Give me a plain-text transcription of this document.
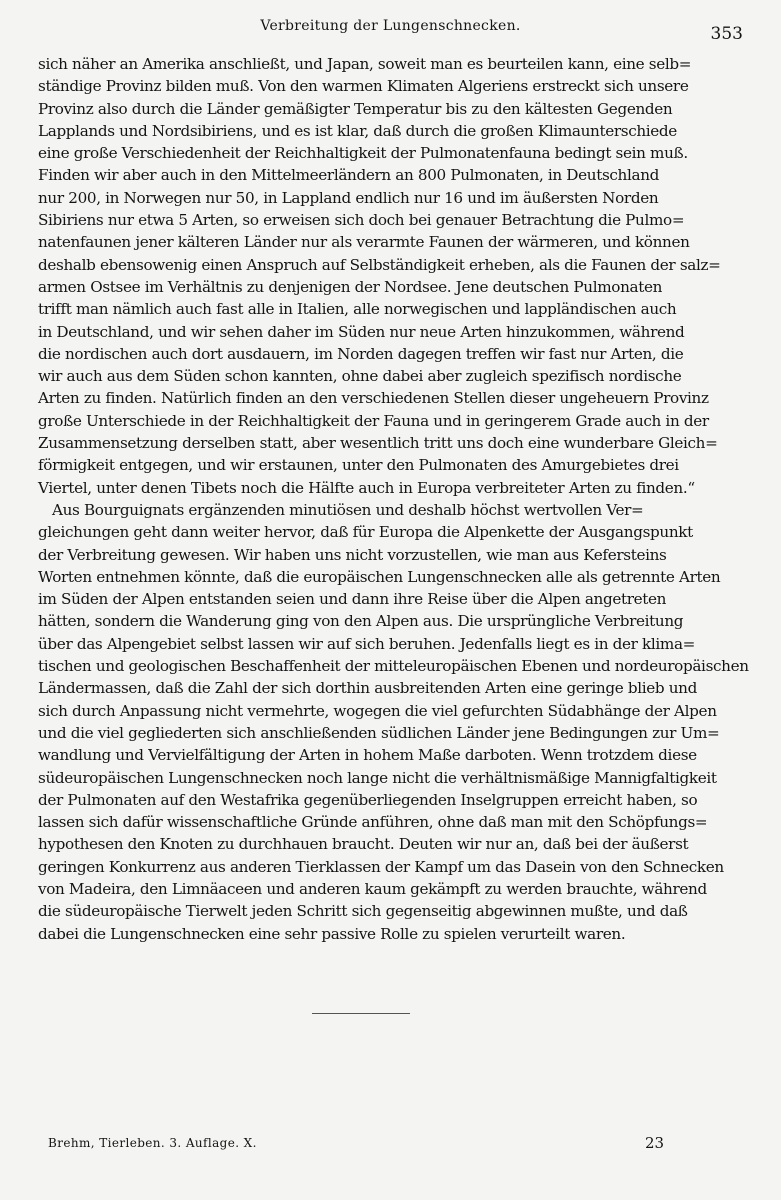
Verbreitung der Lungenschnecken.	353
sich näher an Amerika anschließt, und Japan, soweit man es beurteilen kann, eine selb=
ständige Provinz bilden muß. Von den warmen Klimaten Algeriens erstreckt sich unsere
Provinz also durch die Länder gemäßigter Temperatur bis zu den kältesten Gegenden
Lapplands und Nordsibiriens, und es ist klar, daß durch die großen Klimaunterschiede
eine große Verschiedenheit der Reichhaltigkeit der Pulmonatenfauna bedingt sein muß.
Finden wir aber auch in den Mittelmeerländern an 800 Pulmonaten, in Deutschland
nur 200, in Norwegen nur 50, in Lappland endlich nur 16 und im äußersten Norden
Sibiriens nur etwa 5 Arten, so erweisen sich doch bei genauer Betrachtung die Pulmo=
natenfaunen jener kälteren Länder nur als verarmte Faunen der wärmeren, und können
deshalb ebensowenig einen Anspruch auf Selbständigkeit erheben, als die Faunen der salz=
armen Ostsee im Verhältnis zu denjenigen der Nordsee. Jene deutschen Pulmonaten
trifft man nämlich auch fast alle in Italien, alle norwegischen und lappländischen auch
in Deutschland, und wir sehen daher im Süden nur neue Arten hinzukommen, während
die nordischen auch dort ausdauern, im Norden dagegen treffen wir fast nur Arten, die
wir auch aus dem Süden schon kannten, ohne dabei aber zugleich spezifisch nordische
Arten zu finden. Natürlich finden an den verschiedenen Stellen dieser ungeheuern Provinz
große Unterschiede in der Reichhaltigkeit der Fauna und in geringerem Grade auch in der
Zusammensetzung derselben statt, aber wesentlich tritt uns doch eine wunderbare Gleich=
förmigkeit entgegen, und wir erstaunen, unter den Pulmonaten des Amurgebietes drei
Viertel, unter denen Tibets noch die Hälfte auch in Europa verbreiteter Arten zu finden.“
Aus Bourguignats ergänzenden minutiösen und deshalb höchst wertvollen Ver=
gleichungen geht dann weiter hervor, daß für Europa die Alpenkette der Ausgangspunkt
der Verbreitung gewesen. Wir haben uns nicht vorzustellen, wie man aus Kefersteins
Worten entnehmen könnte, daß die europäischen Lungenschnecken alle als getrennte Arten
im Süden der Alpen entstanden seien und dann ihre Reise über die Alpen angetreten
hätten, sondern die Wanderung ging von den Alpen aus. Die ursprüngliche Verbreitung
über das Alpengebiet selbst lassen wir auf sich beruhen. Jedenfalls liegt es in der klima=
tischen und geologischen Beschaffenheit der mitteleuropäischen Ebenen und nordeuropäischen
Ländermassen, daß die Zahl der sich dorthin ausbreitenden Arten eine geringe blieb und
sich durch Anpassung nicht vermehrte, wogegen die viel gefurchten Südabhänge der Alpen
und die viel gegliederten sich anschließenden südlichen Länder jene Bedingungen zur Um=
wandlung und Vervielfältigung der Arten in hohem Maße darboten. Wenn trotzdem diese
südeuropäischen Lungenschnecken noch lange nicht die verhältnismäßige Mannigfaltigkeit
der Pulmonaten auf den Westafrika gegenüberliegenden Inselgruppen erreicht haben, so
lassen sich dafür wissenschaftliche Gründe anführen, ohne daß man mit den Schöpfungs=
hypothesen den Knoten zu durchhauen braucht. Deuten wir nur an, daß bei der äußerst
geringen Konkurrenz aus anderen Tierklassen der Kampf um das Dasein von den Schnecken
von Madeira, den Limnäaceen und anderen kaum gekämpft zu werden brauchte, während
die südeuropäische Tierwelt jeden Schritt sich gegenseitig abgewinnen mußte, und daß
dabei die Lungenschnecken eine sehr passive Rolle zu spielen verurteilt waren.
Brehm, Tierleben. 3. Auflage. X.	23
